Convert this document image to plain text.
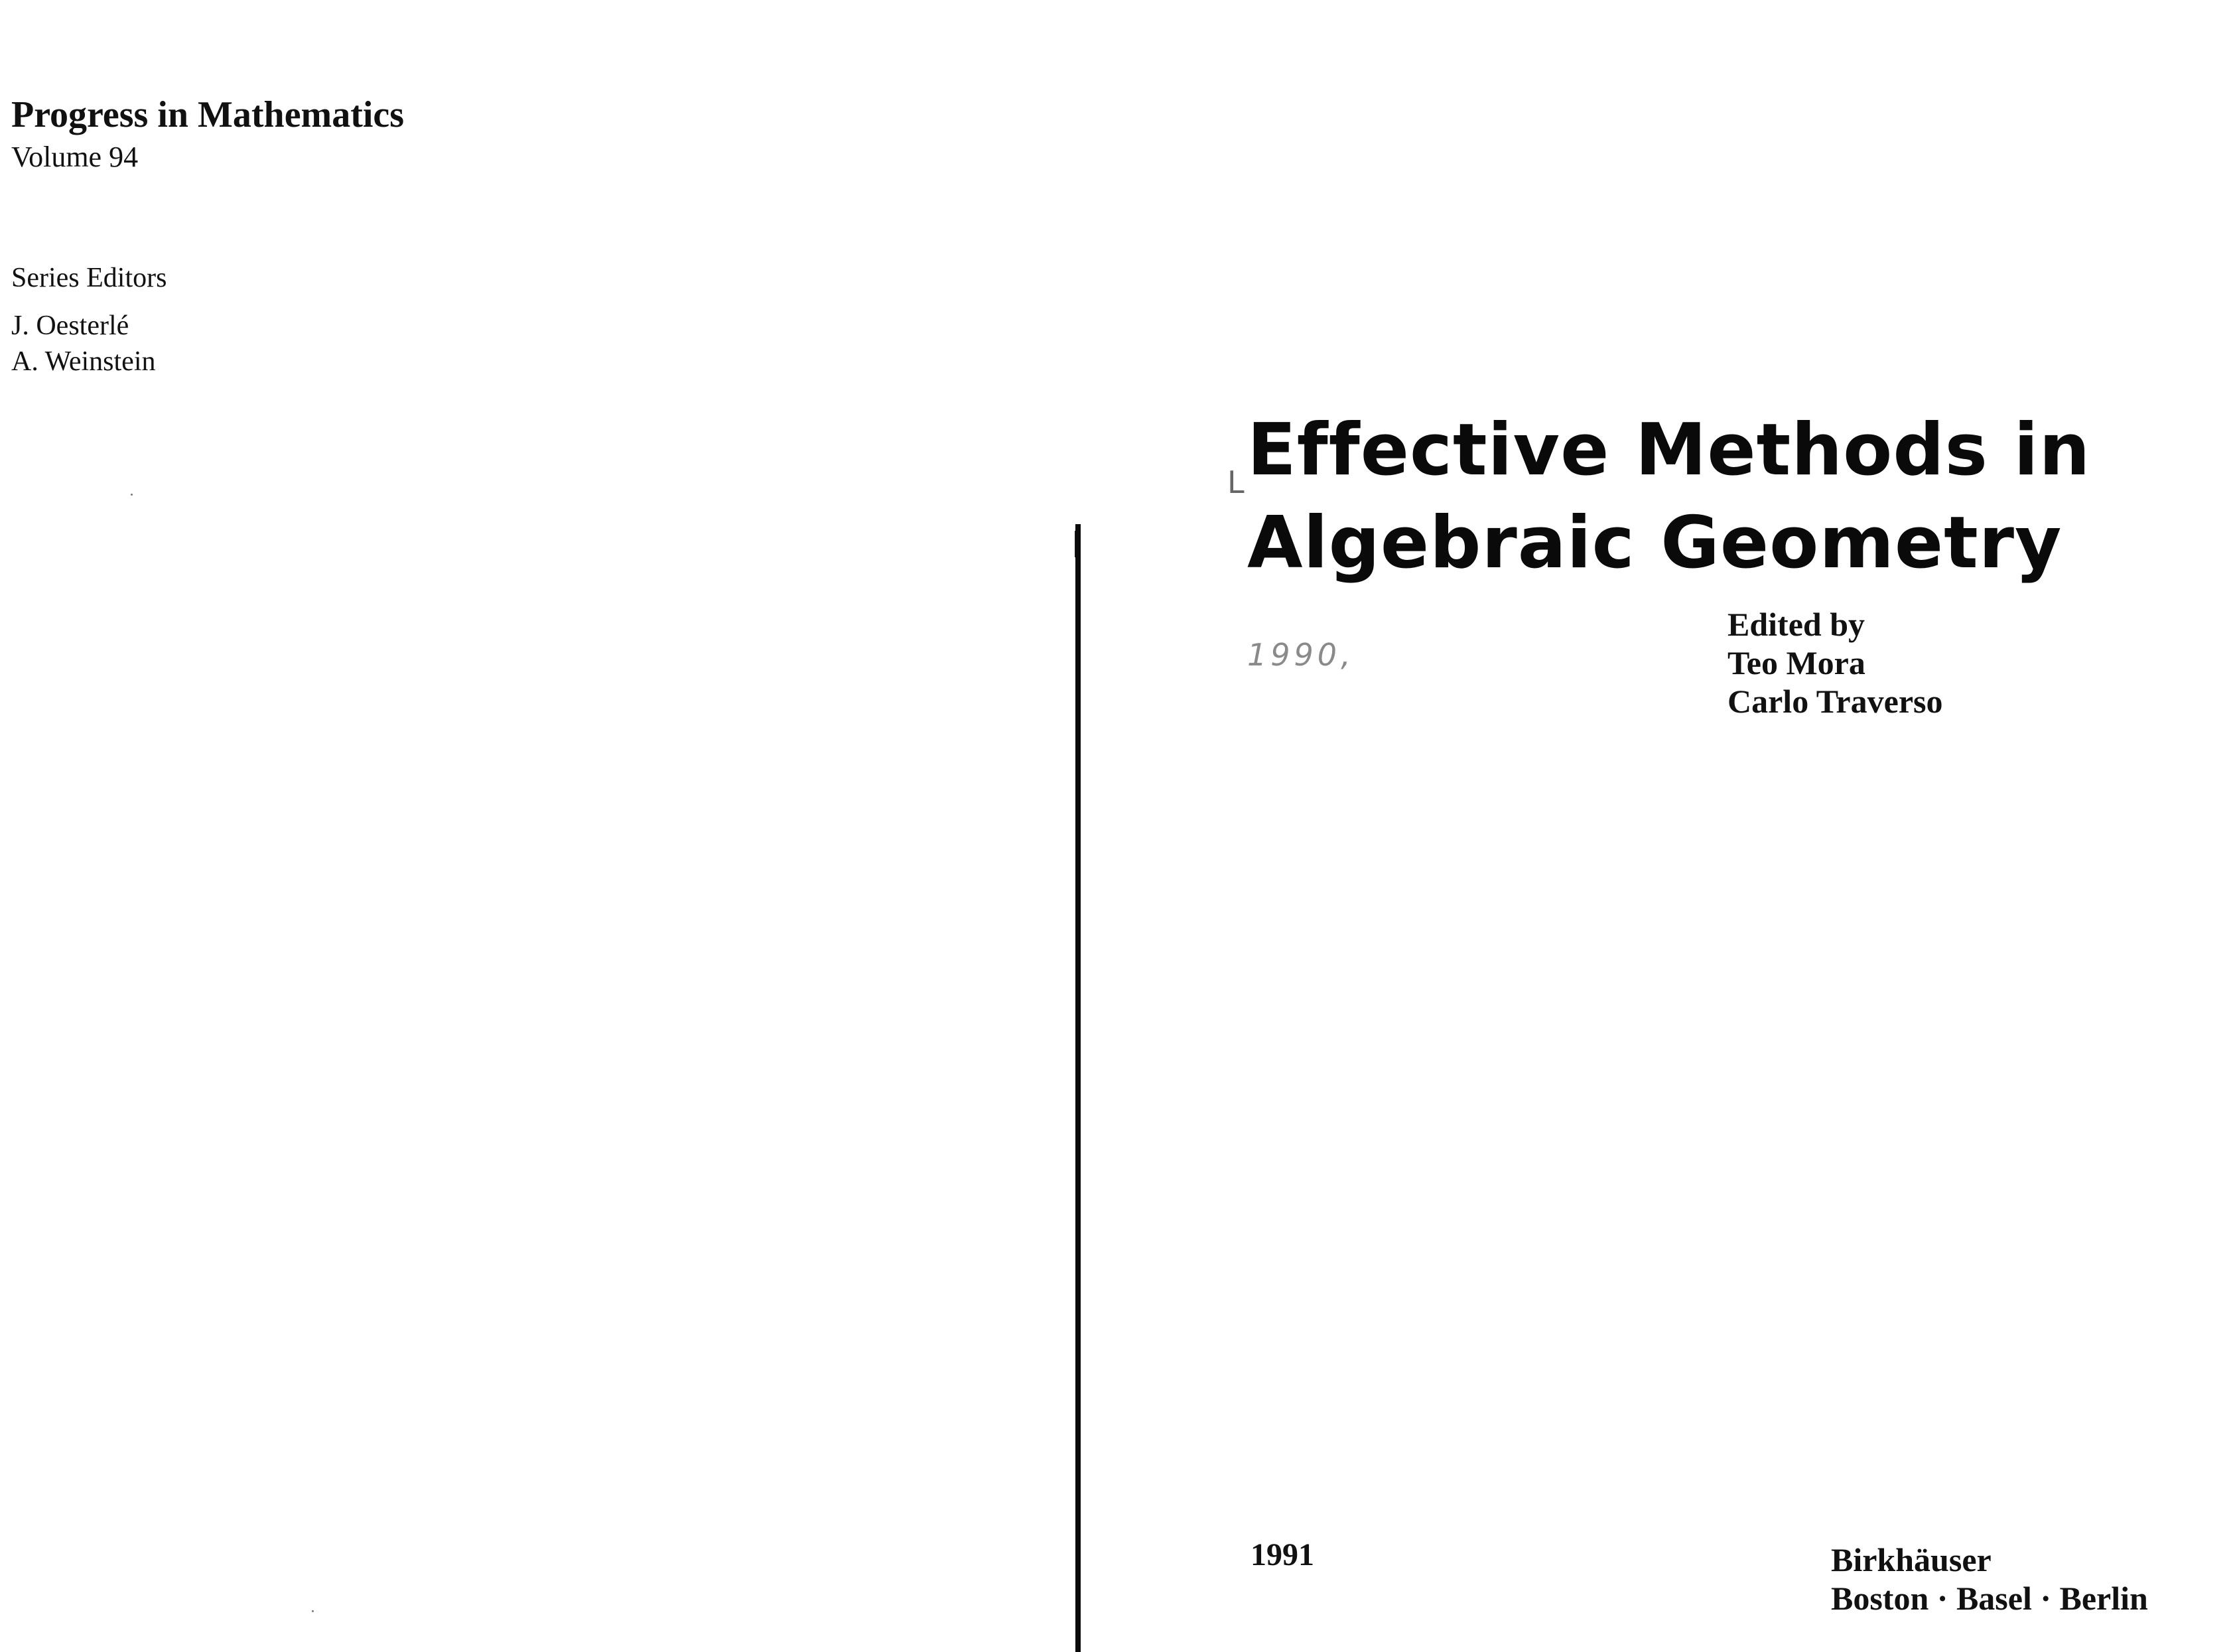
Progress in Mathematics
Volume 94
Series Editors
J. Oesterlé
A. Weinstein
L Effective Methods in
Algebraic Geometry
1990,
Edited by
Teo Mora
Carlo Traverso
1991	Birkhäuser
Boston · Basel · Berlin
